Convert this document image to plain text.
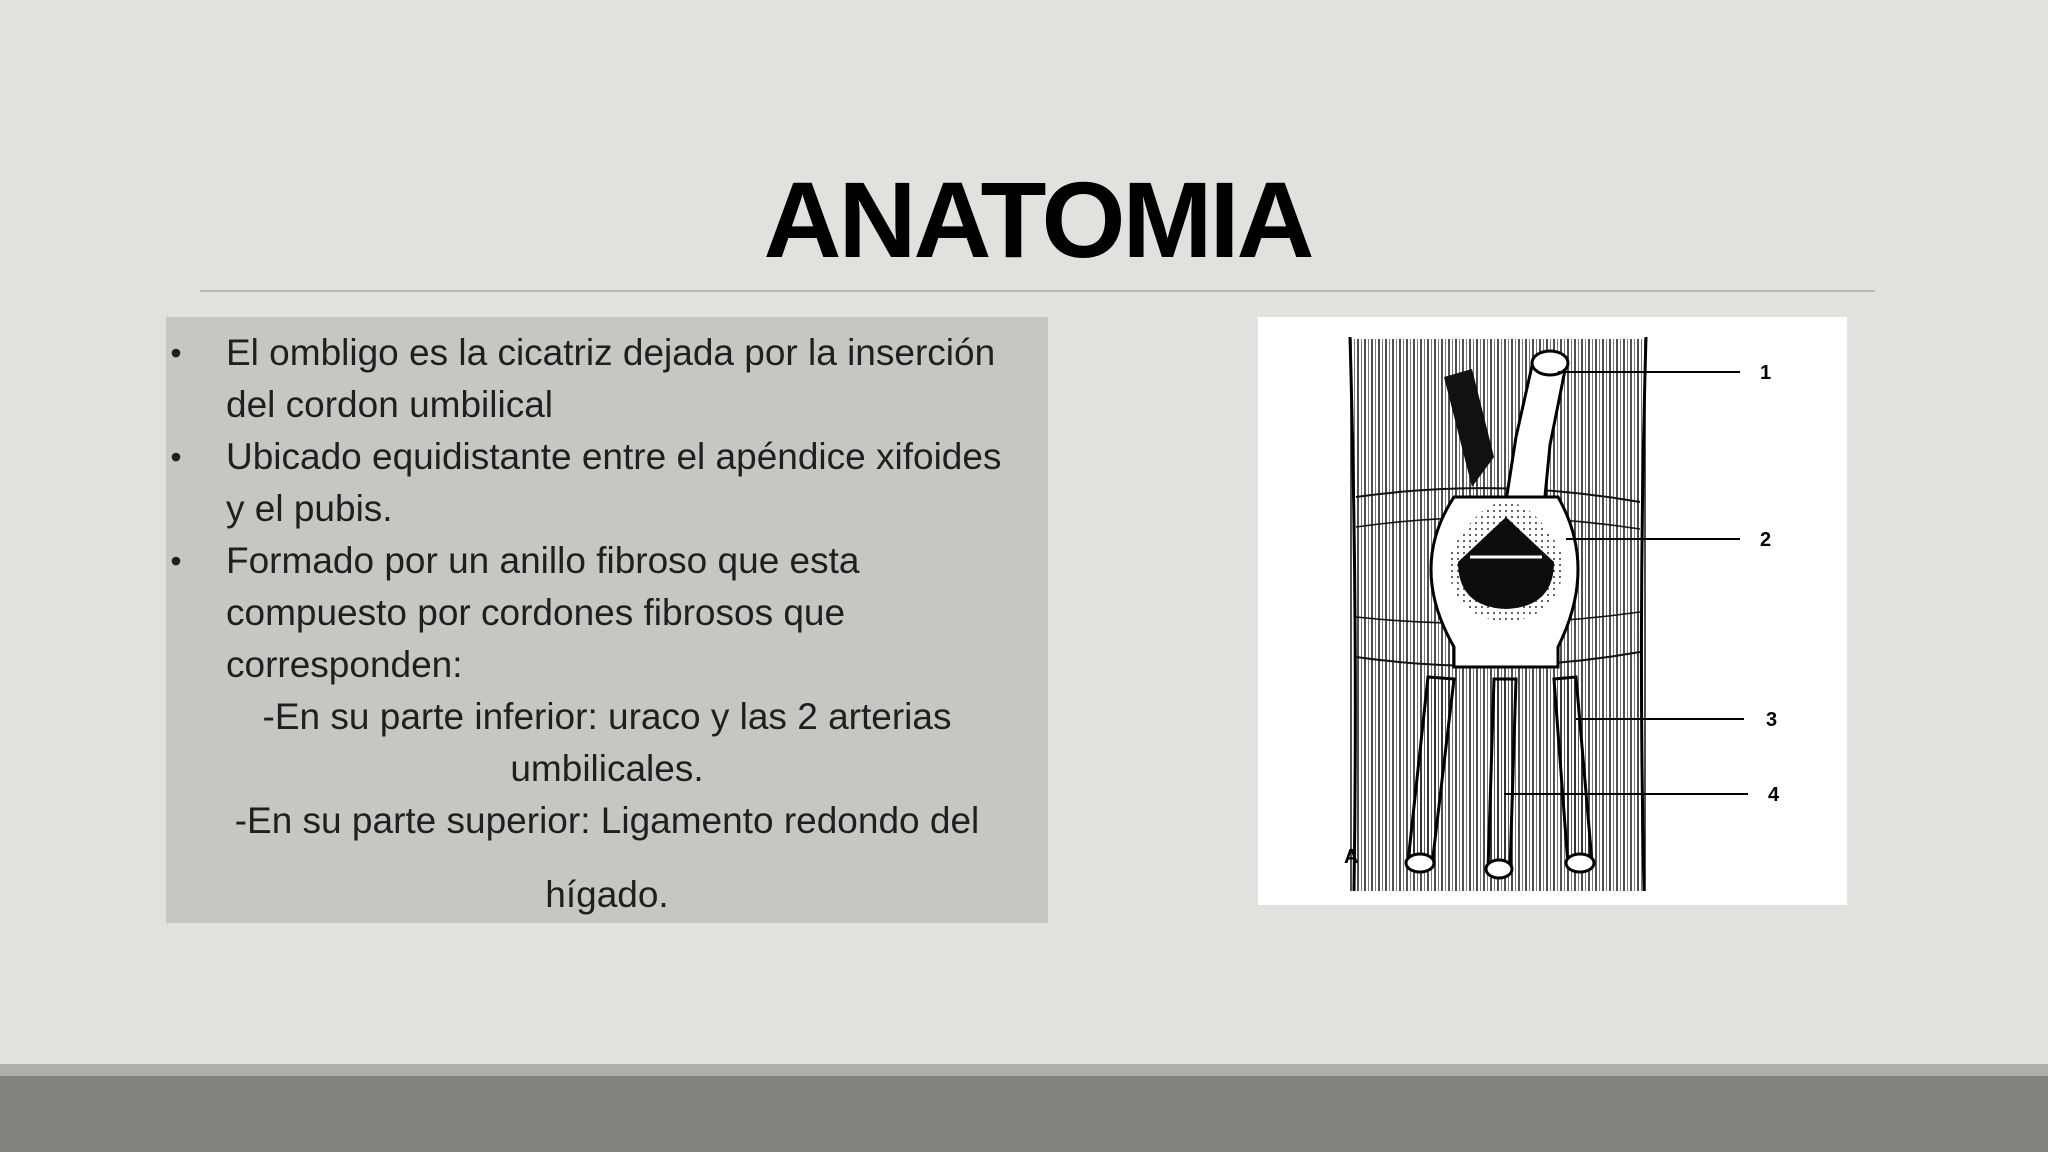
ANATOMIA
• El ombligo es la cicatriz dejada por la inserción
del cordon umbilical
• Ubicado equidistante entre el apéndice xifoides
y el pubis.
• Formado por un anillo fibroso que esta
compuesto por cordones fibrosos que
corresponden:
-En su parte inferior: uraco y las 2 arterias
umbilicales.
-En su parte superior: Ligamento redondo del
hígado.
1
2
3
4
A
